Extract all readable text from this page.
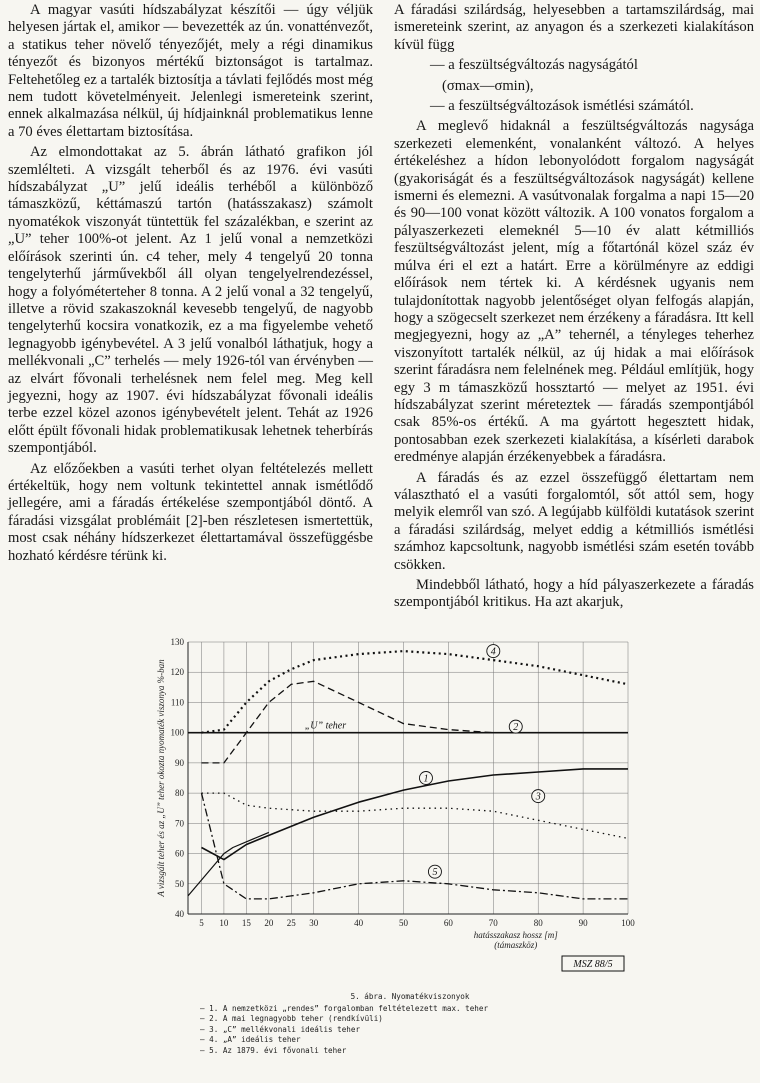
A magyar vasúti hídszabályzat készítői — úgy véljük helyesen jártak el, amikor — bevezették az ún. vonatténvezőt, a statikus teher növelő tényezőjét, mely a régi dinamikus tényezőt és bizonyos mértékű biztonságot is tartalmaz. Feltehetőleg ez a tartalék biztosítja a távlati fejlődés most még nem tudott követelményeit. Jelenlegi ismereteink szerint, ennek alkalmazása nélkül, új hídjainknál problematikus lenne a 70 éves élettartam biztosítása.

Az elmondottakat az 5. ábrán látható grafikon jól szemlélteti. A vizsgált teherből és az 1976. évi vasúti hídszabályzat „U” jelű ideális terhéből a különböző támaszközű, kéttámaszú tartón (hatásszakasz) számolt nyomatékok viszonyát tüntettük fel százalékban, e szerint az „U” teher 100%-ot jelent. Az 1 jelű vonal a nemzetközi előírások szerinti ún. c4 teher, mely 4 tengelyű 20 tonna tengelyterhű járművekből áll olyan tengelyelrendezéssel, hogy a folyóméterteher 8 tonna. A 2 jelű vonal a 32 tengelyű, illetve a rövid szakaszoknál kevesebb tengelyű, de nagyobb tengelyterhű kocsira vonatkozik, ez a ma figyelembe vehető legnagyobb igénybevétel. A 3 jelű vonalból láthatjuk, hogy a mellékvonali „C” terhelés — mely 1926-tól van érvényben — az elvárt fővonali terhelésnek nem felel meg. Meg kell jegyezni, hogy az 1907. évi hídszabályzat fővonali ideális terbe ezzel közel azonos igénybevételt jelent. Tehát az 1926 előtt épült fővonali hidak problematikusak lehetnek teherbírás szempontjából.

Az előzőekben a vasúti terhet olyan feltételezés mellett értékeltük, hogy nem voltunk tekintettel annak ismétlődő jellegére, ami a fáradás értékelése szempontjából döntő. A fáradási vizsgálat problémáit [2]-ben részletesen ismertettük, most csak néhány hídszerkezet élettartamával összefüggésbe hozható kérdésre térünk ki.

A fáradási szilárdság, helyesebben a tartamszilárdság, mai ismereteink szerint, az anyagon és a szerkezeti kialakításon kívül függ

— a feszültségváltozás nagyságától

(σmax—σmin),

— a feszültségváltozások ismétlési számától.

A meglevő hidaknál a feszültségváltozás nagysága szerkezeti elemenként, vonalanként változó. A helyes értékeléshez a hídon lebonyolódott forgalom nagyságát (gyakoriságát és a feszültségváltozások nagyságát) kellene ismerni és elemezni. A vasútvonalak forgalma a napi 15—20 és 90—100 vonat között változik. A 100 vonatos forgalom a pályaszerkezeti elemeknél 5—10 év alatt kétmilliós feszültségváltozást jelent, míg a főtartónál közel száz év múlva éri el ezt a határt. Erre a körülményre az eddigi előírások nem tértek ki. A kérdésnek ugyanis nem tulajdonítottak nagyobb jelentőséget olyan felfogás alapján, hogy a szögecselt szerkezet nem érzékeny a fáradásra. Itt kell megjegyezni, hogy az „A” tehernél, a tényleges teherhez viszonyított tartalék nélkül, az új hidak a mai előírások szerint fáradásra nem felelnének meg. Például említjük, hogy egy 3 m támaszközű hossztartó — melyet az 1951. évi hídszabályzat szerint méreteztek — fáradás szempontjából csak 85%-os értékű. A ma gyártott hegesztett hidak, pontosabban ezek szerkezeti kialakítása, a kísérleti darabok eredménye alapján érzékenyebbek a fáradásra.

A fáradás és az ezzel összefüggő élettartam nem választható el a vasúti forgalomtól, sőt attól sem, hogy melyik elemről van szó. A legújabb külföldi kutatások szerint a fáradási szilárdság, melyet eddig a kétmilliós ismétlési számhoz kapcsoltunk, nagyobb ismétlési szám esetén tovább csökken.

Mindebből látható, hogy a híd pályaszerkezete a fáradás szempontjából kritikus. Ha azt akarjuk,

40
50
60
70
80
90
100
110
120
130
5 10 15 20 25 30	40	50	60	70	80	90	100
A vizsgált teher és az „U” teher okozta nyomaték viszonya %-ban
hatásszakasz hossz [m]
(támaszköz)
MSZ 88/5
1
2
3
4
5
„U” teher
5. ábra. Nyomatékviszonyok
— 1. A nemzetközi „rendes” forgalomban feltételezett max. teher
— 2. A mai legnagyobb teher (rendkívüli)
— 3. „C” mellékvonali ideális teher
— 4. „A” ideális teher
— 5. Az 1879. évi fővonali teher
